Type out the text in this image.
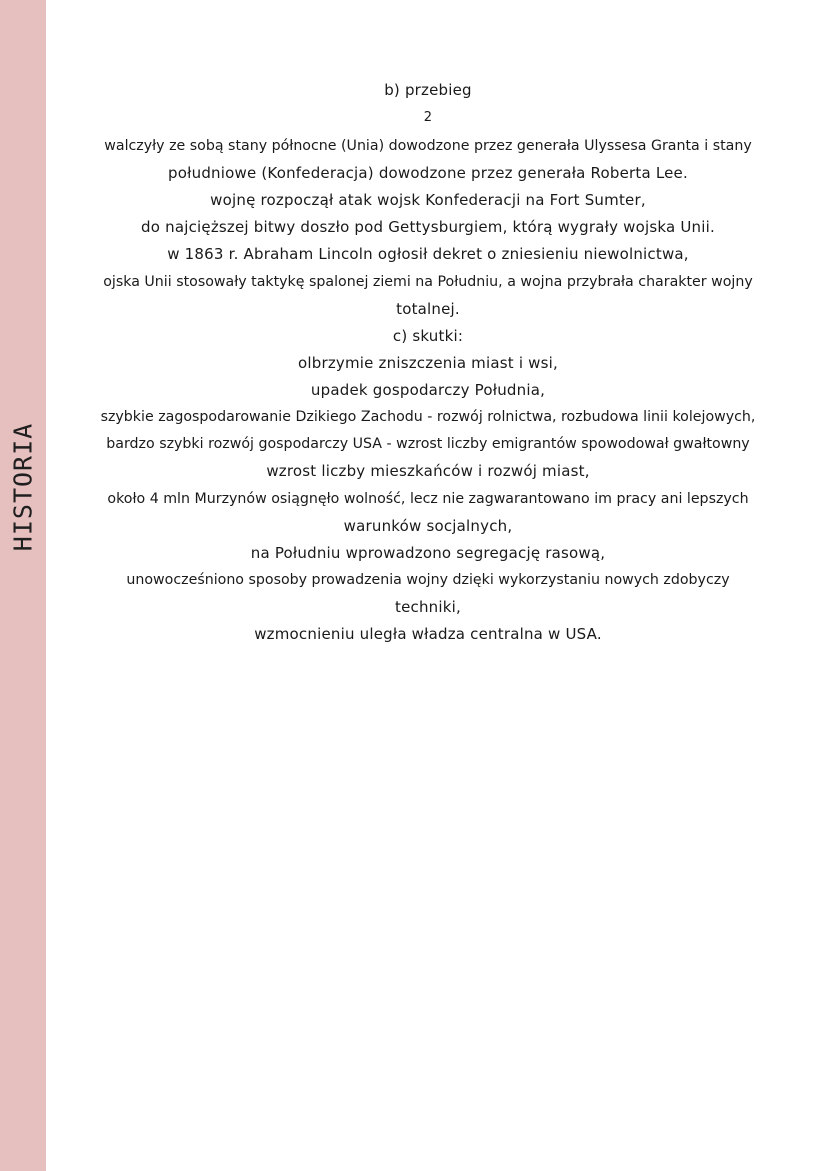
HISTORIA
b) przebieg
2
walczyły ze sobą stany północne (Unia) dowodzone przez generała Ulyssesa Granta i stany
południowe (Konfederacja) dowodzone przez generała Roberta Lee.
wojnę rozpoczął atak wojsk Konfederacji na Fort Sumter,
do najcięższej bitwy doszło pod Gettysburgiem, którą wygrały wojska Unii.
w 1863 r. Abraham Lincoln ogłosił dekret o zniesieniu niewolnictwa,
ojska Unii stosowały taktykę spalonej ziemi na Południu, a wojna przybrała charakter wojny
totalnej.
c) skutki:
olbrzymie zniszczenia miast i wsi,
upadek gospodarczy Południa,
szybkie zagospodarowanie Dzikiego Zachodu - rozwój rolnictwa, rozbudowa linii kolejowych,
bardzo szybki rozwój gospodarczy USA - wzrost liczby emigrantów spowodował gwałtowny
wzrost liczby mieszkańców i rozwój miast,
około 4 mln Murzynów osiągnęło wolność, lecz nie zagwarantowano im pracy ani lepszych
warunków socjalnych,
na Południu wprowadzono segregację rasową,
unowocześniono sposoby prowadzenia wojny dzięki wykorzystaniu nowych zdobyczy
techniki,
wzmocnieniu uległa władza centralna w USA.
